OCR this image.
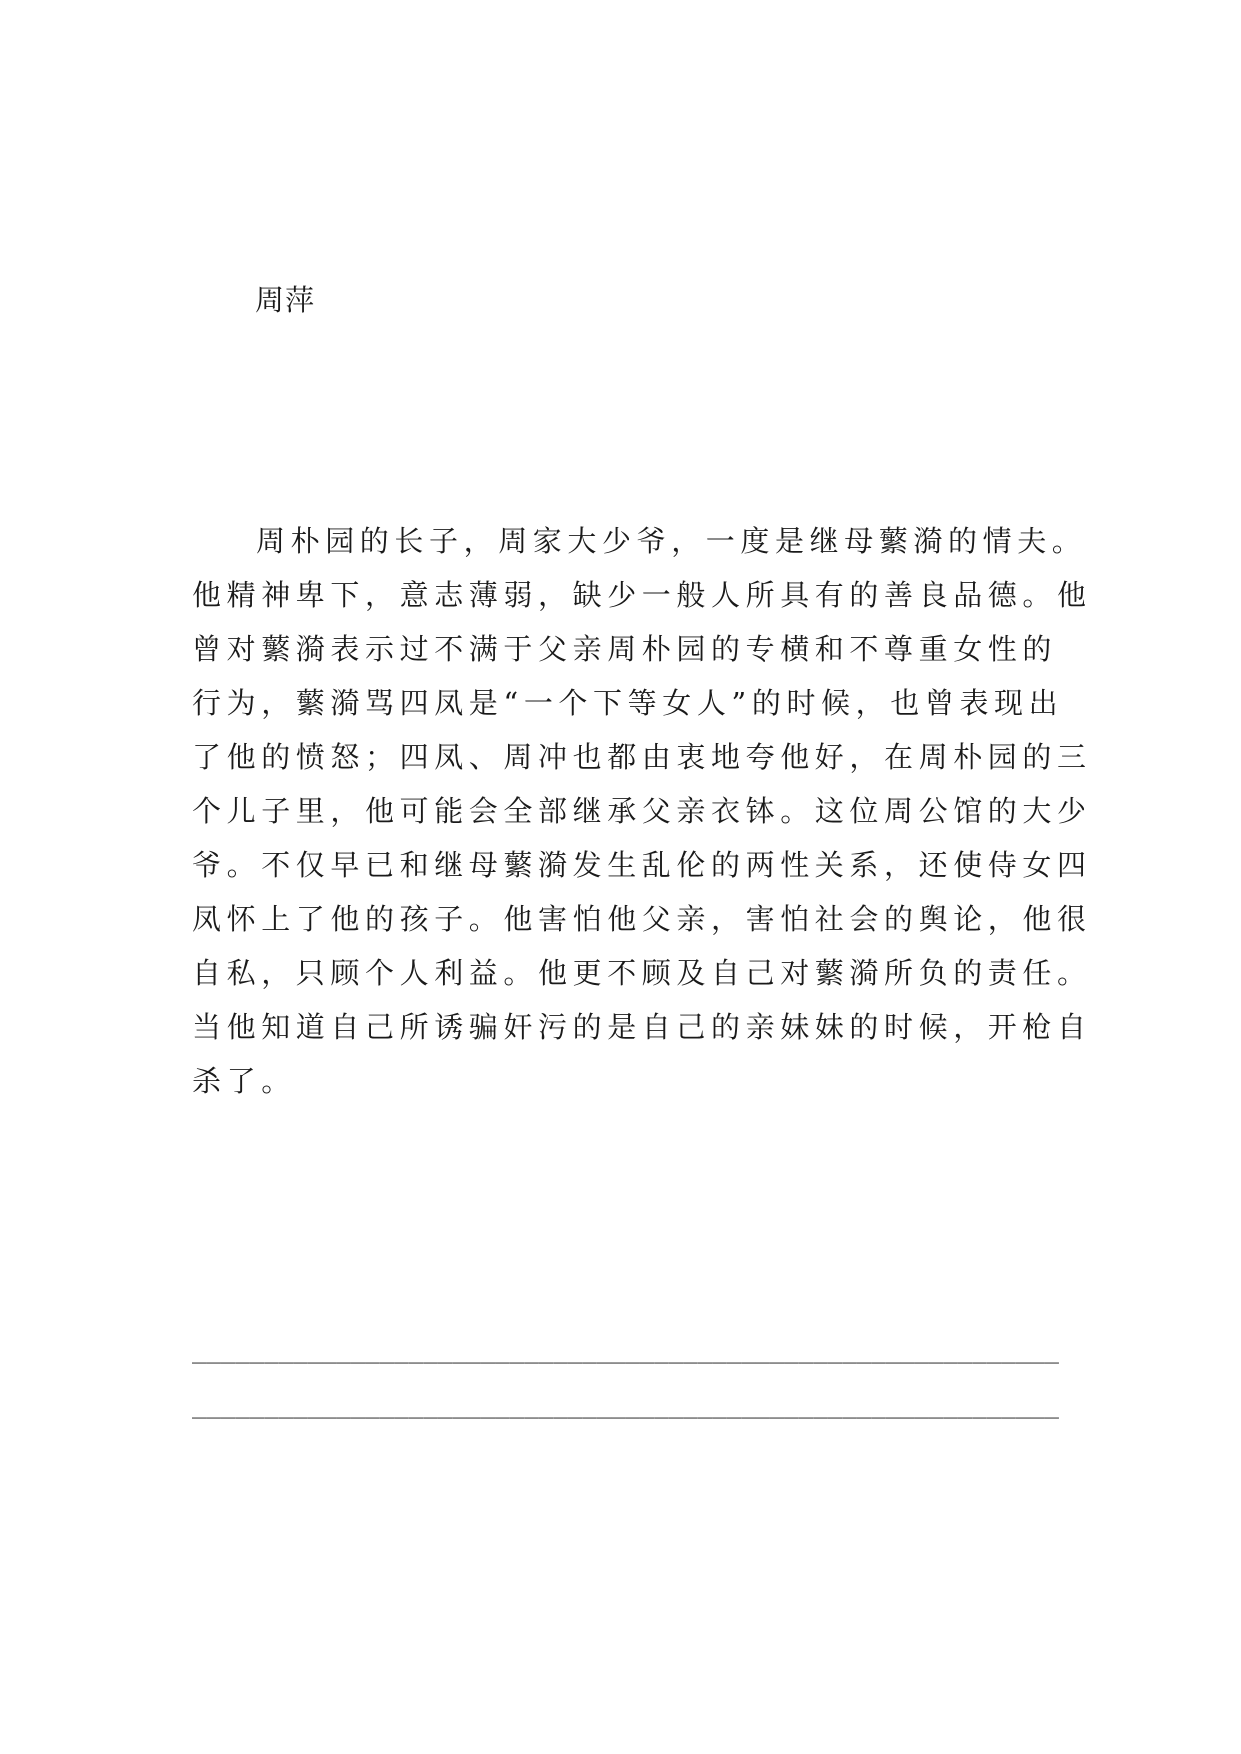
周萍
周朴园的长子，周家大少爷，一度是继母蘩漪的情夫。
他精神卑下，意志薄弱，缺少一般人所具有的善良品德。他
曾对蘩漪表示过不满于父亲周朴园的专横和不尊重女性的
行为，蘩漪骂四凤是“一个下等女人”的时候，也曾表现出
了他的愤怒；四凤、周冲也都由衷地夸他好，在周朴园的三
个儿子里，他可能会全部继承父亲衣钵。这位周公馆的大少
爷。不仅早已和继母蘩漪发生乱伦的两性关系，还使侍女四
凤怀上了他的孩子。他害怕他父亲，害怕社会的舆论，他很
自私，只顾个人利益。他更不顾及自己对蘩漪所负的责任。
当他知道自己所诱骗奸污的是自己的亲妹妹的时候，开枪自
杀了。
____________________________________________________________
____________________________________________________________
